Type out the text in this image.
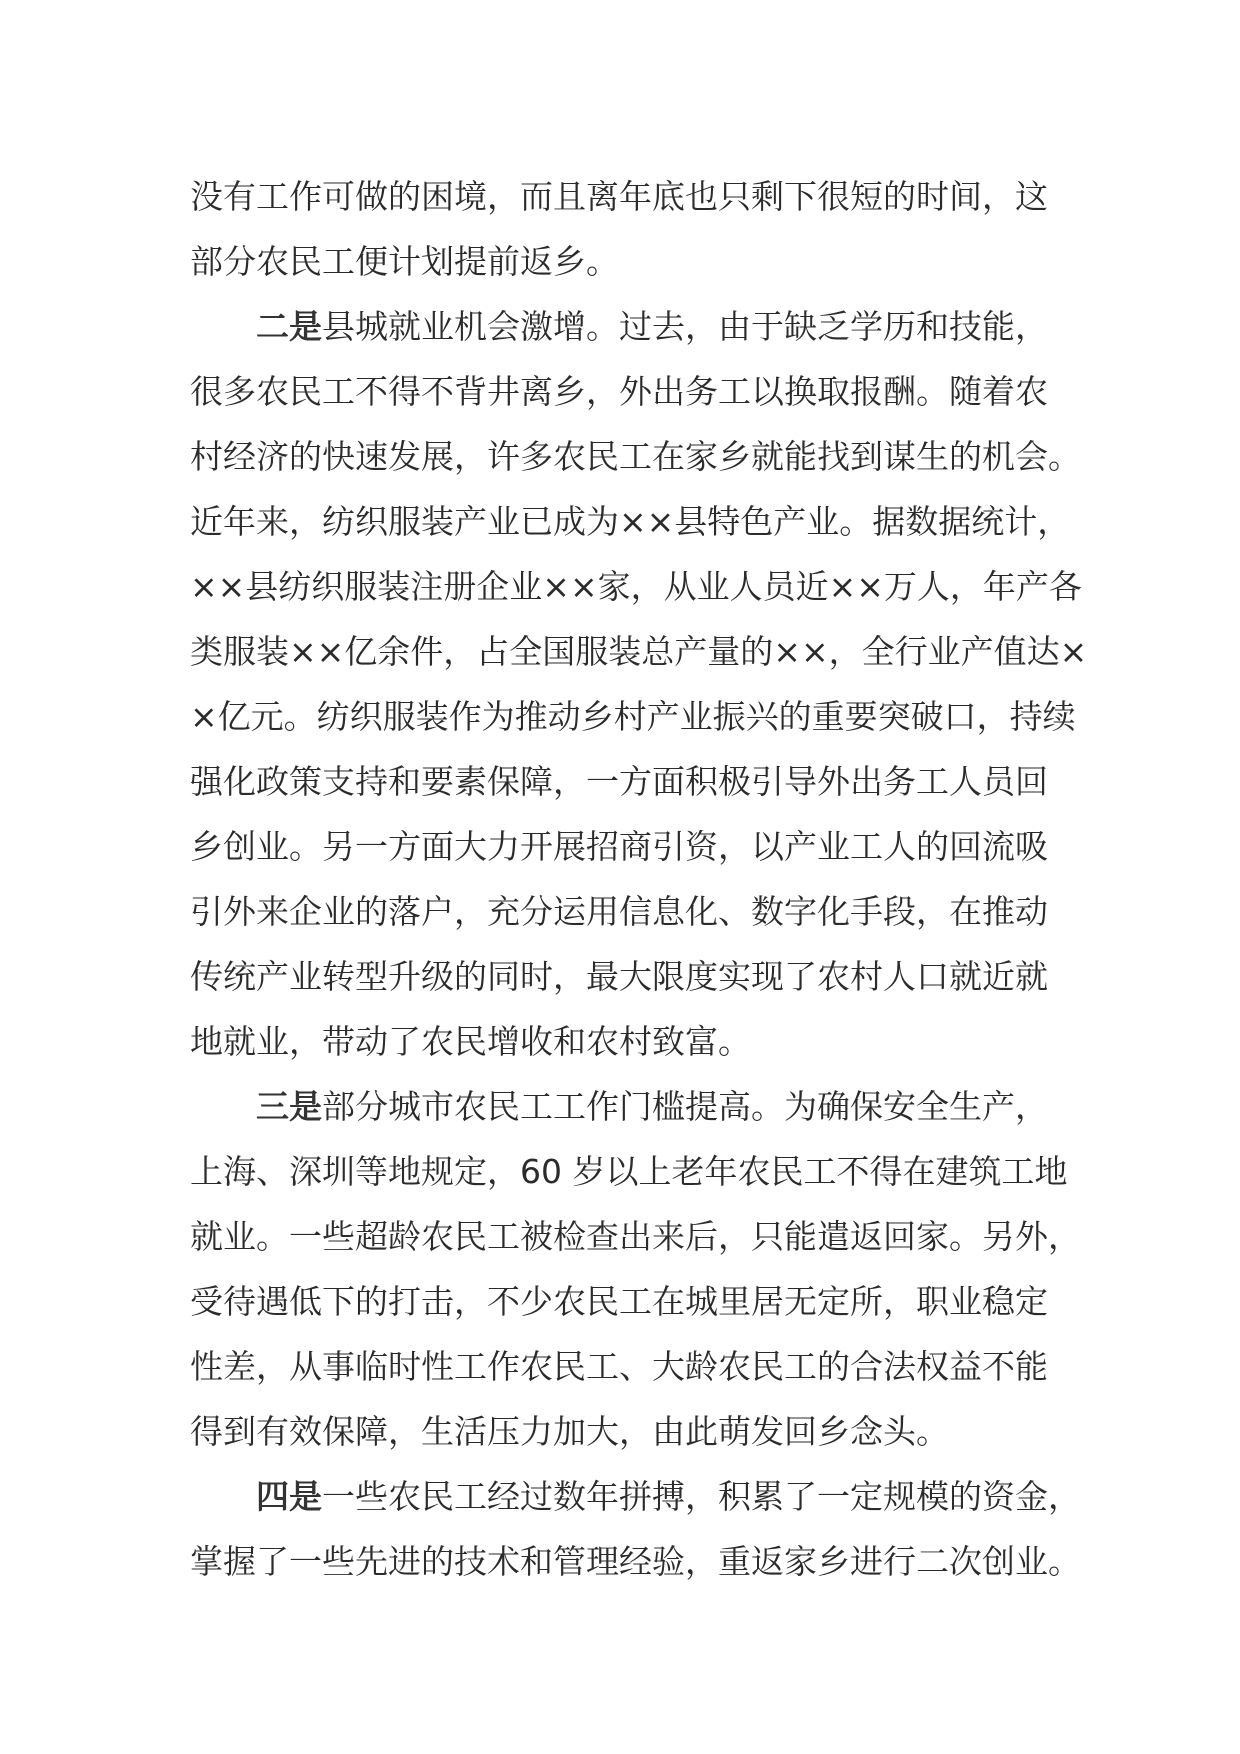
没有工作可做的困境，而且离年底也只剩下很短的时间，这
部分农民工便计划提前返乡。
二是县城就业机会激增。过去，由于缺乏学历和技能，
很多农民工不得不背井离乡，外出务工以换取报酬。随着农
村经济的快速发展，许多农民工在家乡就能找到谋生的机会。
近年来，纺织服装产业已成为××县特色产业。据数据统计，
××县纺织服装注册企业××家，从业人员近××万人，年产各
类服装××亿余件，占全国服装总产量的××，全行业产值达×
×亿元。纺织服装作为推动乡村产业振兴的重要突破口，持续
强化政策支持和要素保障，一方面积极引导外出务工人员回
乡创业。另一方面大力开展招商引资，以产业工人的回流吸
引外来企业的落户，充分运用信息化、数字化手段，在推动
传统产业转型升级的同时，最大限度实现了农村人口就近就
地就业，带动了农民增收和农村致富。
三是部分城市农民工工作门槛提高。为确保安全生产，
上海、深圳等地规定，60 岁以上老年农民工不得在建筑工地
就业。一些超龄农民工被检查出来后，只能遣返回家。另外，
受待遇低下的打击，不少农民工在城里居无定所，职业稳定
性差，从事临时性工作农民工、大龄农民工的合法权益不能
得到有效保障，生活压力加大，由此萌发回乡念头。
四是一些农民工经过数年拼搏，积累了一定规模的资金，
掌握了一些先进的技术和管理经验，重返家乡进行二次创业。
